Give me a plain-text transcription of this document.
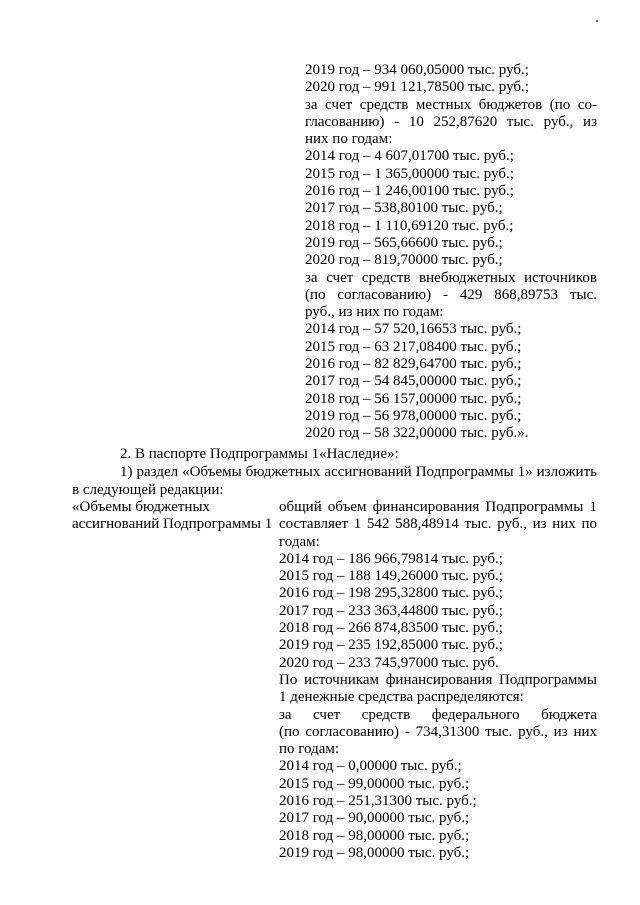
2019 год – 934 060,05000 тыс. руб.;
2020 год – 991 121,78500 тыс. руб.;
за счет средств местных бюджетов (по со-
гласованию) - 10 252,87620 тыс. руб., из
них по годам:
2014 год – 4 607,01700 тыс. руб.;
2015 год – 1 365,00000 тыс. руб.;
2016 год – 1 246,00100 тыс. руб.;
2017 год – 538,80100 тыс. руб.;
2018 год – 1 110,69120 тыс. руб.;
2019 год – 565,66600 тыс. руб.;
2020 год – 819,70000 тыс. руб.;
за счет средств внебюджетных источников
(по согласованию) - 429 868,89753 тыс.
руб., из них по годам:
2014 год – 57 520,16653 тыс. руб.;
2015 год – 63 217,08400 тыс. руб.;
2016 год – 82 829,64700 тыс. руб.;
2017 год – 54 845,00000 тыс. руб.;
2018 год – 56 157,00000 тыс. руб.;
2019 год – 56 978,00000 тыс. руб.;
2020 год – 58 322,00000 тыс. руб.».
2. В паспорте Подпрограммы 1«Наследие»:
1) раздел «Объемы бюджетных ассигнований Подпрограммы 1» изложить
в следующей редакции:
«Объемы бюджетных
ассигнований Подпрограммы 1
общий объем финансирования Подпрограммы 1
составляет 1 542 588,48914 тыс. руб., из них по
годам:
2014 год – 186 966,79814 тыс. руб.;
2015 год – 188 149,26000 тыс. руб.;
2016 год – 198 295,32800 тыс. руб.;
2017 год – 233 363,44800 тыс. руб.;
2018 год – 266 874,83500 тыс. руб.;
2019 год – 235 192,85000 тыс. руб.;
2020 год – 233 745,97000 тыс. руб.
По источникам финансирования Подпрограммы
1 денежные средства распределяются:
за счет средств федерального бюджета
(по согласованию) - 734,31300 тыс. руб., из них
по годам:
2014 год – 0,00000 тыс. руб.;
2015 год – 99,00000 тыс. руб.;
2016 год – 251,31300 тыс. руб.;
2017 год – 90,00000 тыс. руб.;
2018 год – 98,00000 тыс. руб.;
2019 год – 98,00000 тыс. руб.;
